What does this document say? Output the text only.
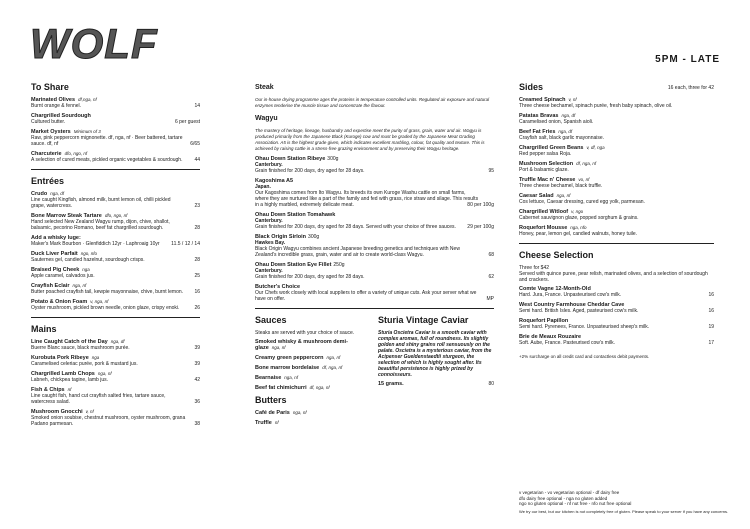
WOLF	5PM - LATE
To Share
Marinated Olives df,nga, nf
Burnt orange & fennel.	14
Chargrilled Sourdough
Cultured butter.	6 per guest
Market Oysters Minimum of 3
Raw, pink peppercorn mignonette. df, nga, nf · Beer battered, tartare sauce. df, nf	6/65
Charcuterie dfo, ngo, nf
A selection of cured meats, pickled organic vegetables & sourdough.	44
Entrées
Crudo nga, df
Line caught Kingfish, almond milk, burnt lemon oil, chilli pickled grape, watercress.	23
Bone Marrow Steak Tartare dfo, ngo, nf
Hand selected New Zealand Wagyu rump, dijon, chive, shallot, balsamic, pecorino Romano, beef fat chargrilled sourdough.	28
Add a whisky luge:
Maker's Mark Bourbon · Glenfiddich 12yr · Laphroaig 10yr	11.5 / 12 / 14
Duck Liver Parfait ngo, nfo
Sauternes gel, candied hazelnut, sourdough crisps.	28
Braised Pig Cheek nga
Apple caramel, calvados jus.	25
Crayfish Eclair nga, nf
Butter poached crayfish tail, kewpie mayonnaise, chive, burnt lemon.	16
Potato & Onion Foam v, nga, nf
Oyster mushroom, pickled brown needle, onion glaze, crispy enoki.	26
Mains
Line Caught Catch of the Day nga, df
Buerre Blanc sauce, black mushroom purée.	39
Kurobuta Pork Ribeye nga
Caramelised celeriac purée, pork & mustard jus.	39
Chargrilled Lamb Chops nga, nf
Labneh, chickpea tagine, lamb jus.	42
Fish & Chips nf
Line caught fish, hand cut crayfish salted fries, tartare sauce, watercress salad.	36
Mushroom Gnocchi v, nf
Smoked onion soubise, chestnut mushroom, oyster mushroom, grana Padano parmesan.	38
Steak
Our in-house drying programme ages the proteins in temperature controlled units. Regulated air exposure and natural enzymes tenderise the muscle tissue and concentrate the flavour.
Wagyu
The mastery of heritage, lineage, husbandry and expertise meet the purity of grass, grain, water and air. Wagyu is produced primarily from the Japanese Black (Kuroge) cow and must be graded by the Japanese Meat Grading Association. A5 is the highest grade given, which indicates excellent marbling, colour, fat quality and texture. This is achieved by raising cattle in a stress-free grazing environment and by preserving their Wagyu heritage.
Ohau Down Station Ribeye 300g
Canterbury.
Grain finished for 200 days, dry aged for 28 days.	95
Kagoshima A5
Japan.
Our Kagoshima comes from Ito Wagyu. Its breeds its own Kuroge Washu cattle on small farms, where they are nurtured like a part of the family and fed with grass, rice straw and silage. This results in a highly marbled, extremely delicate meat.	80 per 100g
Ohau Down Station Tomahawk
Canterbury.
Grain finished for 200 days, dry aged for 28 days. Served with your choice of three sauces.	29 per 100g
Black Origin Sirloin 300g
Hawkes Bay.
Black Origin Wagyu combines ancient Japanese breeding genetics and techniques with New Zealand's incredible grass, grain, water and air to create world-class Wagyu.	68
Ohau Down Station Eye Fillet 250g
Canterbury.
Grain finished for 200 days, dry aged for 28 days.	62
Butcher's Choice
Our Chefs work closely with local suppliers to offer a variety of unique cuts. Ask your server what we have on offer.	MP
Sauces
Steaks are served with your choice of sauce.
Smoked whisky & mushroom demi-glaze nga, nf
Creamy green peppercorn nga, nf
Bone marrow bordelaise df, nga, nf
Bearnaise nga, nf
Beef fat chimichurri df, nga, nf
Butters
Café de Paris nga, nf
Truffle nf
Sturia Vintage Caviar
Sturia Oscietra Caviar is a smooth caviar with complex aromas, full of roundness. Its slightly golden and shiny grains roll sensuously on the palate. Oscietra is a mysterious caviar, from the Acipenser Gueldenstaedtii sturgeon, the selection of which is highly sought after. Its beautiful persistence is highly prized by connoisseurs.
15 grams.	80
Sides	16 each, three for 42
Creamed Spinach v, nf
Three cheese bechamel, spinach purée, fresh baby spinach, olive oil.
Patatas Bravas nga, df
Caramelised onion, Spanish aioli.
Beef Fat Fries nga, df
Crayfish salt, black garlic mayonnaise.
Chargrilled Green Beans v, df, nga
Red pepper salsa Roja.
Mushroom Selection df, nga, nf
Port & balsamic glaze.
Truffle Mac n' Cheese vo, nf
Three cheese bechamel, black truffle.
Caesar Salad nga, nf
Cos lettuce, Caesar dressing, cured egg yolk, parmesan.
Chargrilled Witloof v, ngo
Cabernet sauvignon glaze, popped sorghum & grains.
Roquefort Mousse nga, nfo
Honey, pear, lemon gel, candied walnuts, honey tuile.
Cheese Selection
Three for $42
Served with quince puree, pear relish, marinated olives, and a selection of sourdough and crackers.
Comte Vagne 12-Month-Old
Hard. Jura, France. Unpasteurised cow's milk.	16
West Country Farmhouse Cheddar Cave
Semi hard. British Isles. Aged, pasteurised cow's milk.	16
Roquefort Papillon
Semi hard. Pyrenees, France. Unpasteurised sheep's milk.	19
Brie de Meaux Rouzaire
Soft. Aube, France. Pasteurised cow's milk.	17
+2% surcharge on all credit card and contactless debit payments.
v vegetarian - vo vegetarian optional - df dairy free
dfo dairy free optional - nga no gluten added
ngo no gluten optional - nf nut free - nfo nut free optional
We try our best, but our kitchen is not completely free of gluten. Please speak to your server if you have any concerns.
